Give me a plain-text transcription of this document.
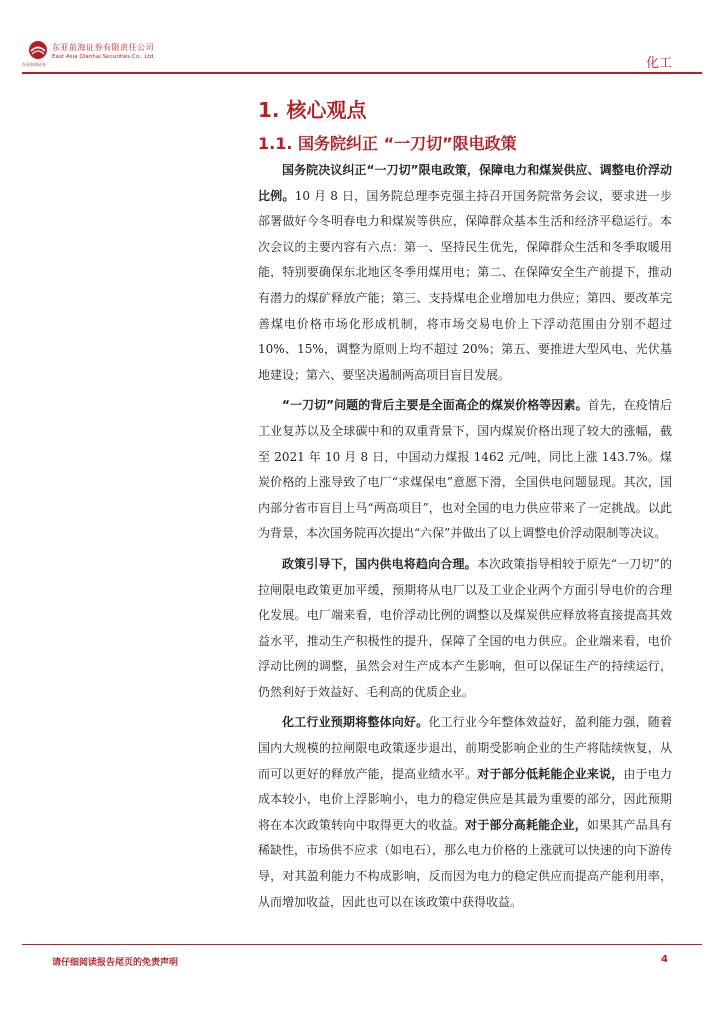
东亚前海证券有限责任公司
East Asia Qianhai Securities Co., Ltd.
东亚前海证券	化工
1. 核心观点
1.1. 国务院纠正 “一刀切”限电政策

国务院决议纠正“一刀切”限电政策，保障电力和煤炭供应、调整电价浮动比例。10 月 8 日，国务院总理李克强主持召开国务院常务会议，要求进一步部署做好今冬明春电力和煤炭等供应，保障群众基本生活和经济平稳运行。本次会议的主要内容有六点：第一、坚持民生优先，保障群众生活和冬季取暖用能，特别要确保东北地区冬季用煤用电；第二、在保障安全生产前提下，推动有潜力的煤矿释放产能；第三、支持煤电企业增加电力供应；第四、要改革完善煤电价格市场化形成机制，将市场交易电价上下浮动范围由分别不超过 10%、15%，调整为原则上均不超过 20%；第五、要推进大型风电、光伏基地建设；第六、要坚决遏制两高项目盲目发展。

“一刀切”问题的背后主要是全面高企的煤炭价格等因素。首先，在疫情后工业复苏以及全球碳中和的双重背景下，国内煤炭价格出现了较大的涨幅，截至 2021 年 10 月 8 日，中国动力煤报 1462 元/吨，同比上涨 143.7%。煤炭价格的上涨导致了电厂“求煤保电”意愿下滑，全国供电问题显现。其次，国内部分省市盲目上马“两高项目”，也对全国的电力供应带来了一定挑战。以此为背景，本次国务院再次提出“六保”并做出了以上调整电价浮动限制等决议。

政策引导下，国内供电将趋向合理。本次政策指导相较于原先“一刀切”的拉闸限电政策更加平缓，预期将从电厂以及工业企业两个方面引导电价的合理化发展。电厂端来看，电价浮动比例的调整以及煤炭供应释放将直接提高其效益水平，推动生产积极性的提升，保障了全国的电力供应。企业端来看，电价浮动比例的调整，虽然会对生产成本产生影响，但可以保证生产的持续运行，仍然利好于效益好、毛利高的优质企业。

化工行业预期将整体向好。化工行业今年整体效益好，盈利能力强，随着国内大规模的拉闸限电政策逐步退出，前期受影响企业的生产将陆续恢复，从而可以更好的释放产能，提高业绩水平。对于部分低耗能企业来说，由于电力成本较小，电价上浮影响小，电力的稳定供应是其最为重要的部分，因此预期将在本次政策转向中取得更大的收益。对于部分高耗能企业，如果其产品具有稀缺性，市场供不应求（如电石），那么电力价格的上涨就可以快速的向下游传导，对其盈利能力不构成影响，反而因为电力的稳定供应而提高产能利用率，从而增加收益，因此也可以在该政策中获得收益。

请仔细阅读报告尾页的免责声明	4
